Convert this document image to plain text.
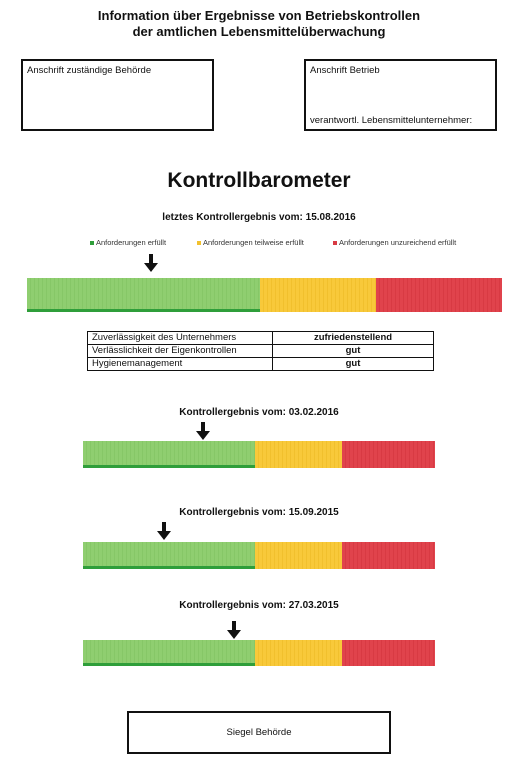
Information über Ergebnisse von Betriebskontrollen
der amtlichen Lebensmittelüberwachung
Anschrift zuständige Behörde	Anschrift Betrieb
verantwortl. Lebensmittelunternehmer:
Kontrollbarometer
letztes Kontrollergebnis vom: 15.08.2016
Anforderungen erfüllt	Anforderungen teilweise erfüllt	Anforderungen unzureichend erfüllt
Zuverlässigkeit des Unternehmers	zufriedenstellend
Verlässlichkeit der Eigenkontrollen	gut
Hygienemanagement	gut
Kontrollergebnis vom: 03.02.2016
Kontrollergebnis vom: 15.09.2015
Kontrollergebnis vom: 27.03.2015
Siegel Behörde
